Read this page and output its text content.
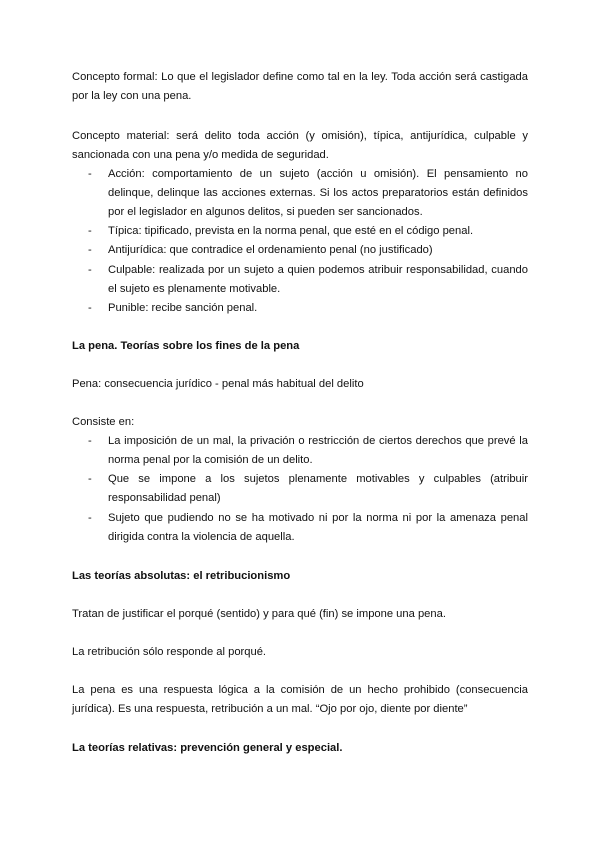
Concepto formal: Lo que el legislador define como tal en la ley. Toda acción será castigada por la ley con una pena.
Concepto material: será delito toda acción (y omisión), típica, antijurídica, culpable y sancionada con una pena y/o medida de seguridad.
-	Acción: comportamiento de un sujeto (acción u omisión). El pensamiento no delinque, delinque las acciones externas. Si los actos preparatorios están definidos por el legislador en algunos delitos, si pueden ser sancionados.
-	Típica: tipificado, prevista en la norma penal, que esté en el código penal.
-	Antijurídica: que contradice el ordenamiento penal (no justificado)
-	Culpable: realizada por un sujeto a quien podemos atribuir responsabilidad, cuando el sujeto es plenamente motivable.
-	Punible: recibe sanción penal.
La pena. Teorías sobre los fines de la pena
Pena: consecuencia jurídico - penal más habitual del delito
Consiste en:
-	La imposición de un mal, la privación o restricción de ciertos derechos que prevé la norma penal por la comisión de un delito.
-	Que se impone a los sujetos plenamente motivables y culpables (atribuir responsabilidad penal)
-	Sujeto que pudiendo no se ha motivado ni por la norma ni por la amenaza penal dirigida contra la violencia de aquella.
Las teorías absolutas: el retribucionismo
Tratan de justificar el porqué (sentido) y para qué (fin) se impone una pena.
La retribución sólo responde al porqué.
La pena es una respuesta lógica a la comisión de un hecho prohibido (consecuencia jurídica). Es una respuesta, retribución a un mal. “Ojo por ojo, diente por diente”
La teorías relativas: prevención general y especial.
